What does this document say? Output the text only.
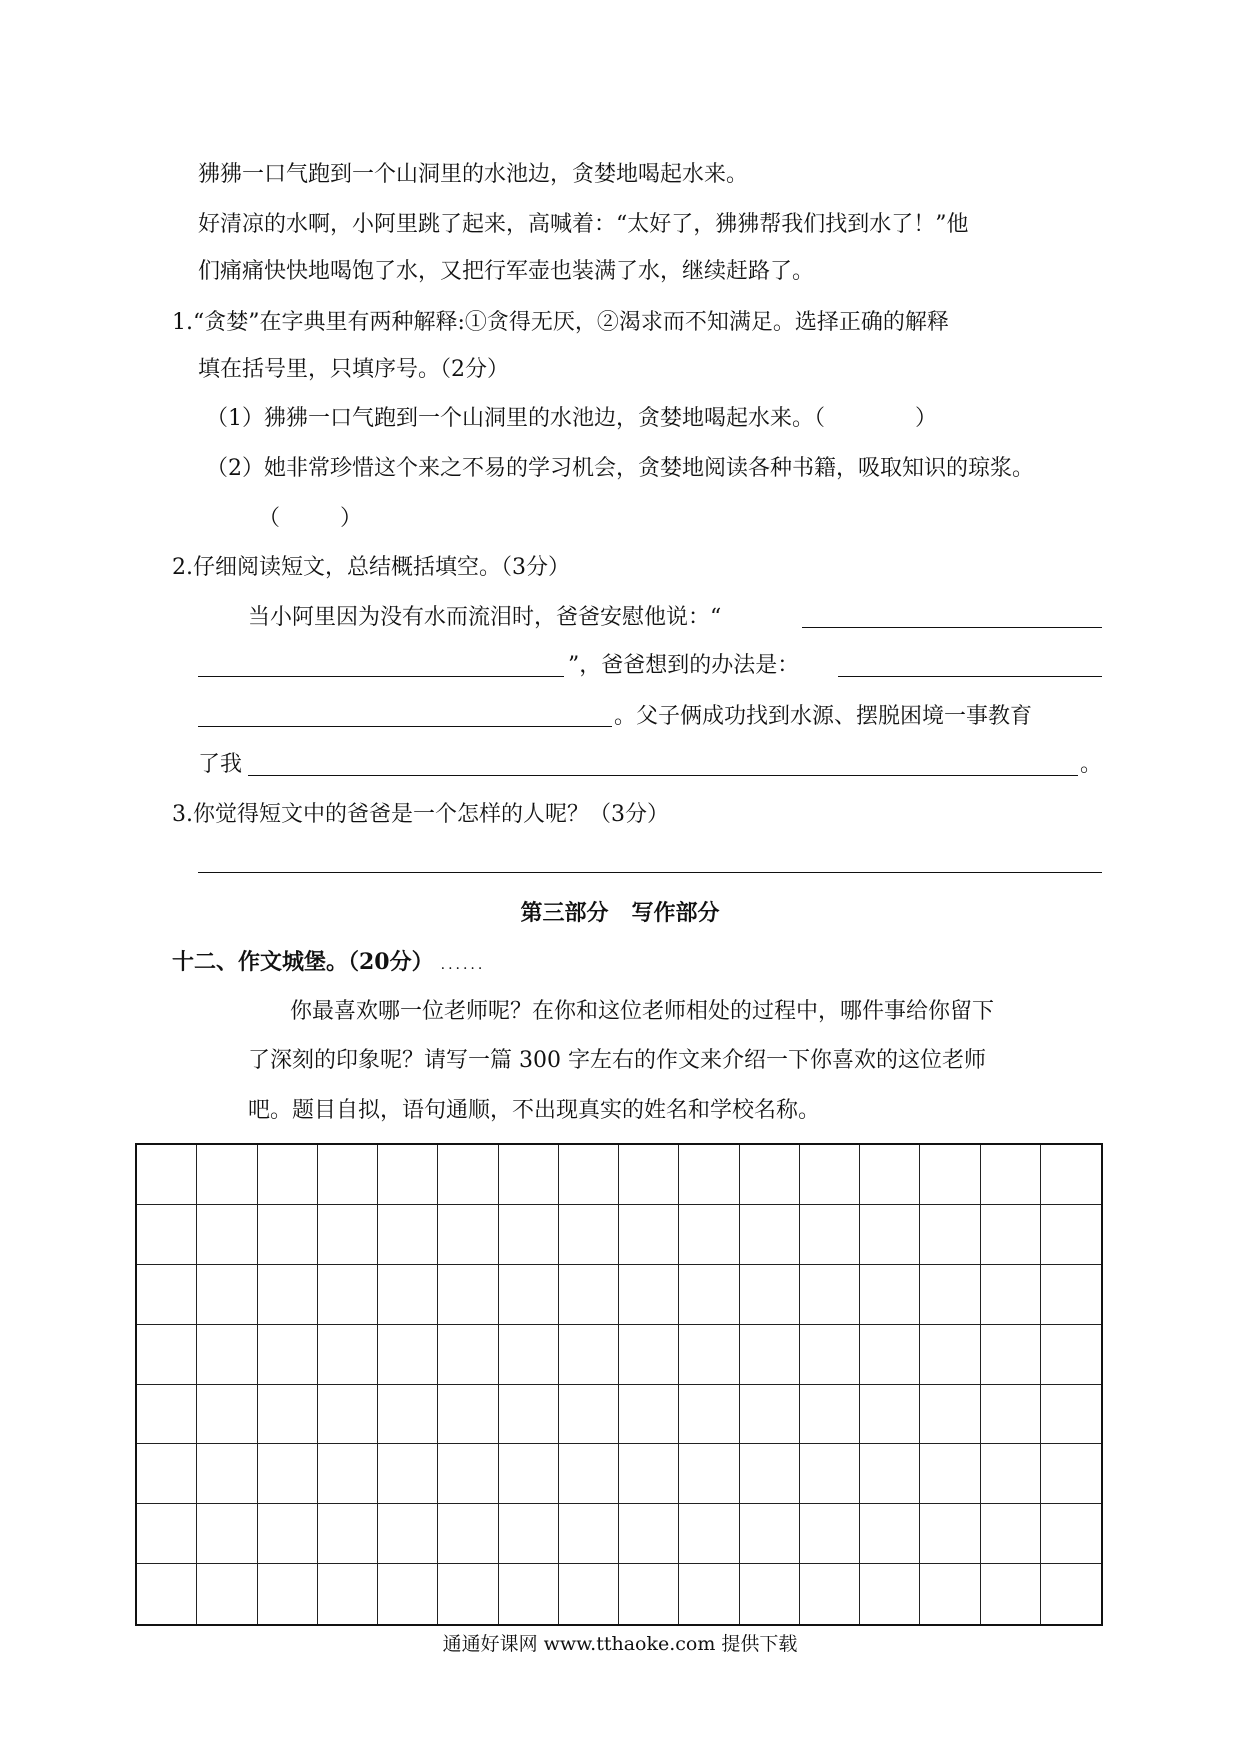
狒狒一口气跑到一个山洞里的水池边，贪婪地喝起水来。
好清凉的水啊，小阿里跳了起来，高喊着：“太好了，狒狒帮我们找到水了！”他
们痛痛快快地喝饱了水，又把行军壶也装满了水，继续赶路了。
1.“贪婪”在字典里有两种解释:①贪得无厌，②渴求而不知满足。选择正确的解释
填在括号里，只填序号。（2分）
（1）狒狒一口气跑到一个山洞里的水池边，贪婪地喝起水来。（	）
（2）她非常珍惜这个来之不易的学习机会，贪婪地阅读各种书籍，吸取知识的琼浆。
（	）
2.仔细阅读短文，总结概括填空。（3分）
当小阿里因为没有水而流泪时，爸爸安慰他说：“
”，爸爸想到的办法是：
。父子俩成功找到水源、摆脱困境一事教育
了我	。
3.你觉得短文中的爸爸是一个怎样的人呢？（3分）
第三部分   写作部分
十二、作文城堡。（20分） ......
你最喜欢哪一位老师呢？在你和这位老师相处的过程中，哪件事给你留下
了深刻的印象呢？请写一篇 300 字左右的作文来介绍一下你喜欢的这位老师
吧。题目自拟，语句通顺，不出现真实的姓名和学校名称。
通通好课网 www.tthaoke.com 提供下载
